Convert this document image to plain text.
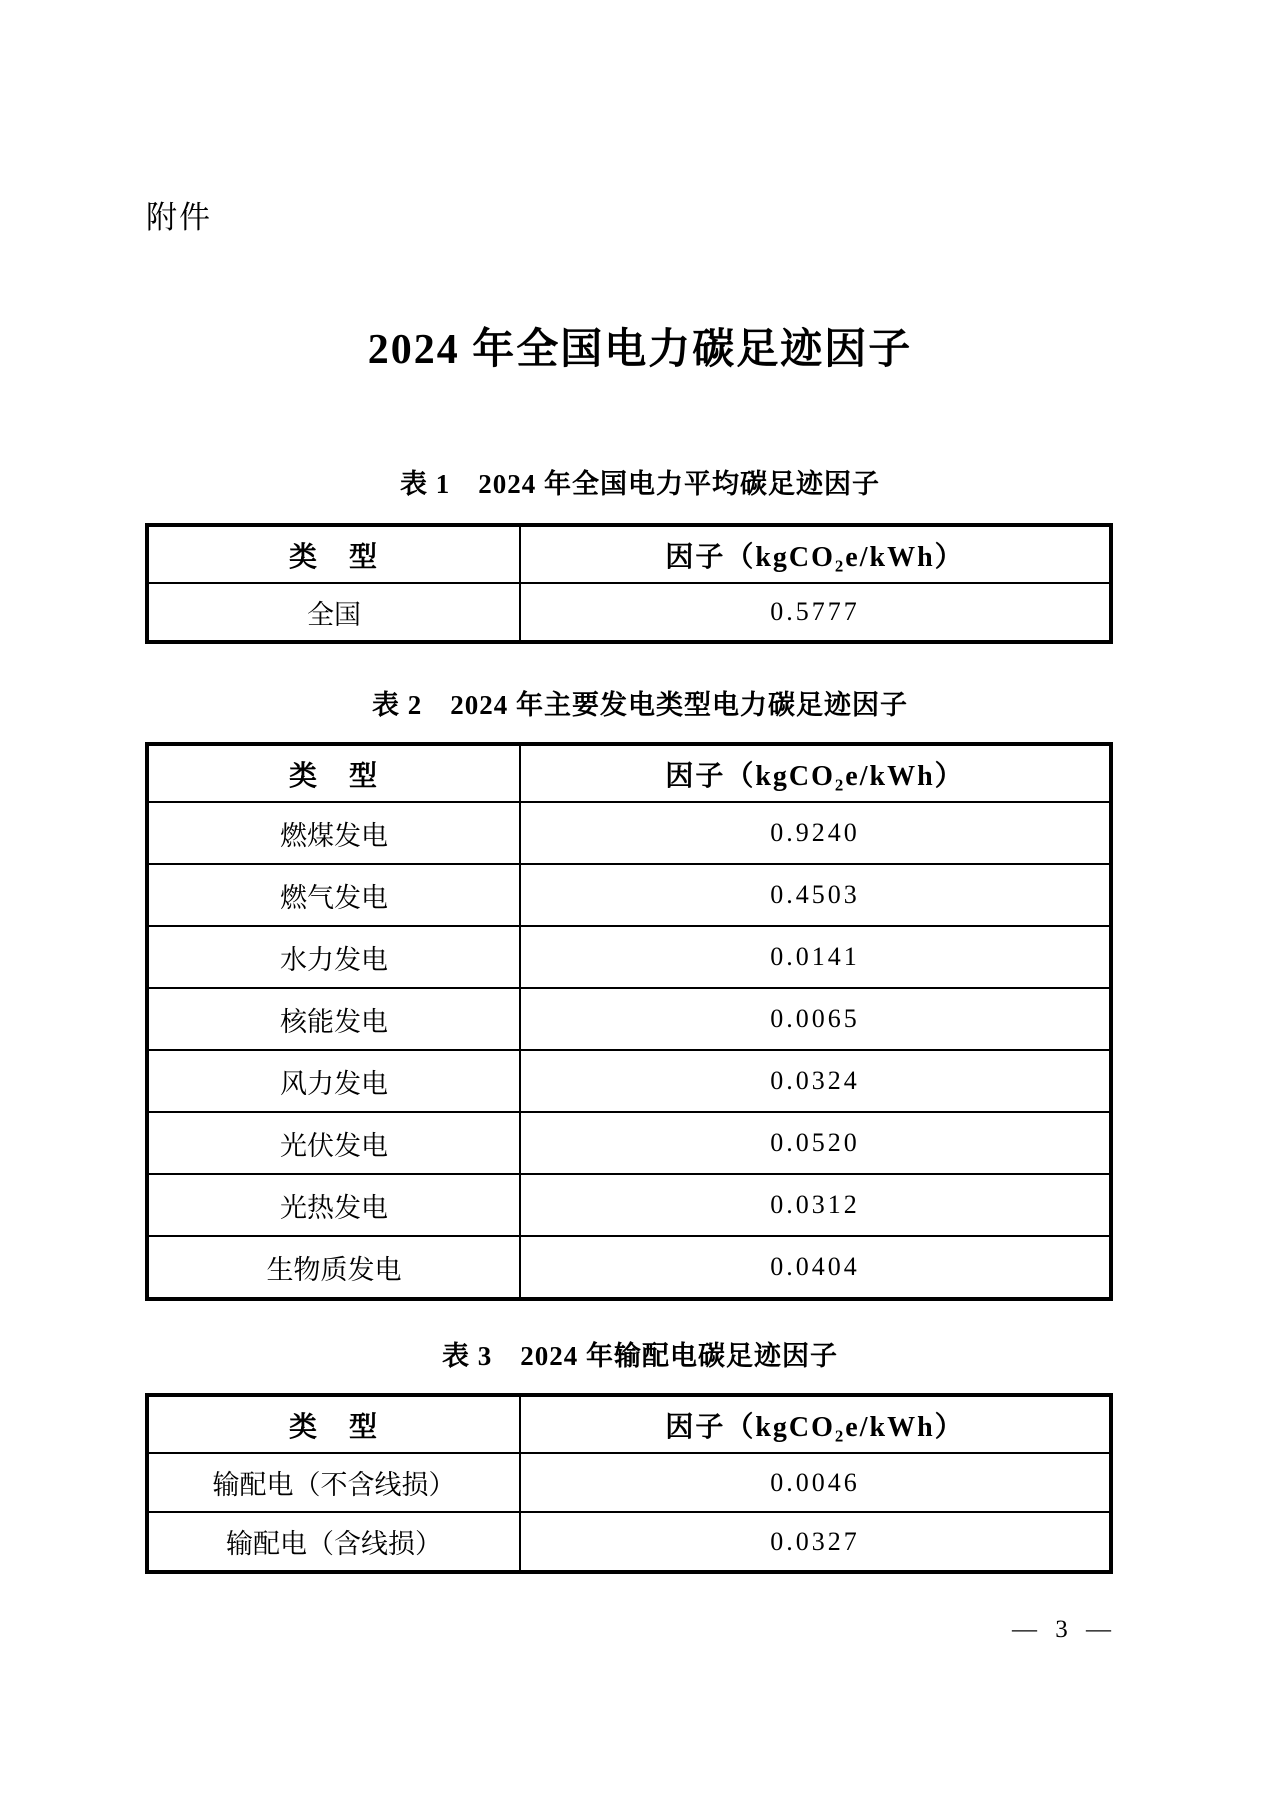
附件
2024 年全国电力碳足迹因子
表 1　2024 年全国电力平均碳足迹因子
类　型	因子（kgCO₂e/kWh）
全国	0.5777
表 2　2024 年主要发电类型电力碳足迹因子
类　型	因子（kgCO₂e/kWh）
燃煤发电	0.9240
燃气发电	0.4503
水力发电	0.0141
核能发电	0.0065
风力发电	0.0324
光伏发电	0.0520
光热发电	0.0312
生物质发电	0.0404
表 3　2024 年输配电碳足迹因子
类　型	因子（kgCO₂e/kWh）
输配电（不含线损）	0.0046
输配电（含线损）	0.0327
— 3 —
